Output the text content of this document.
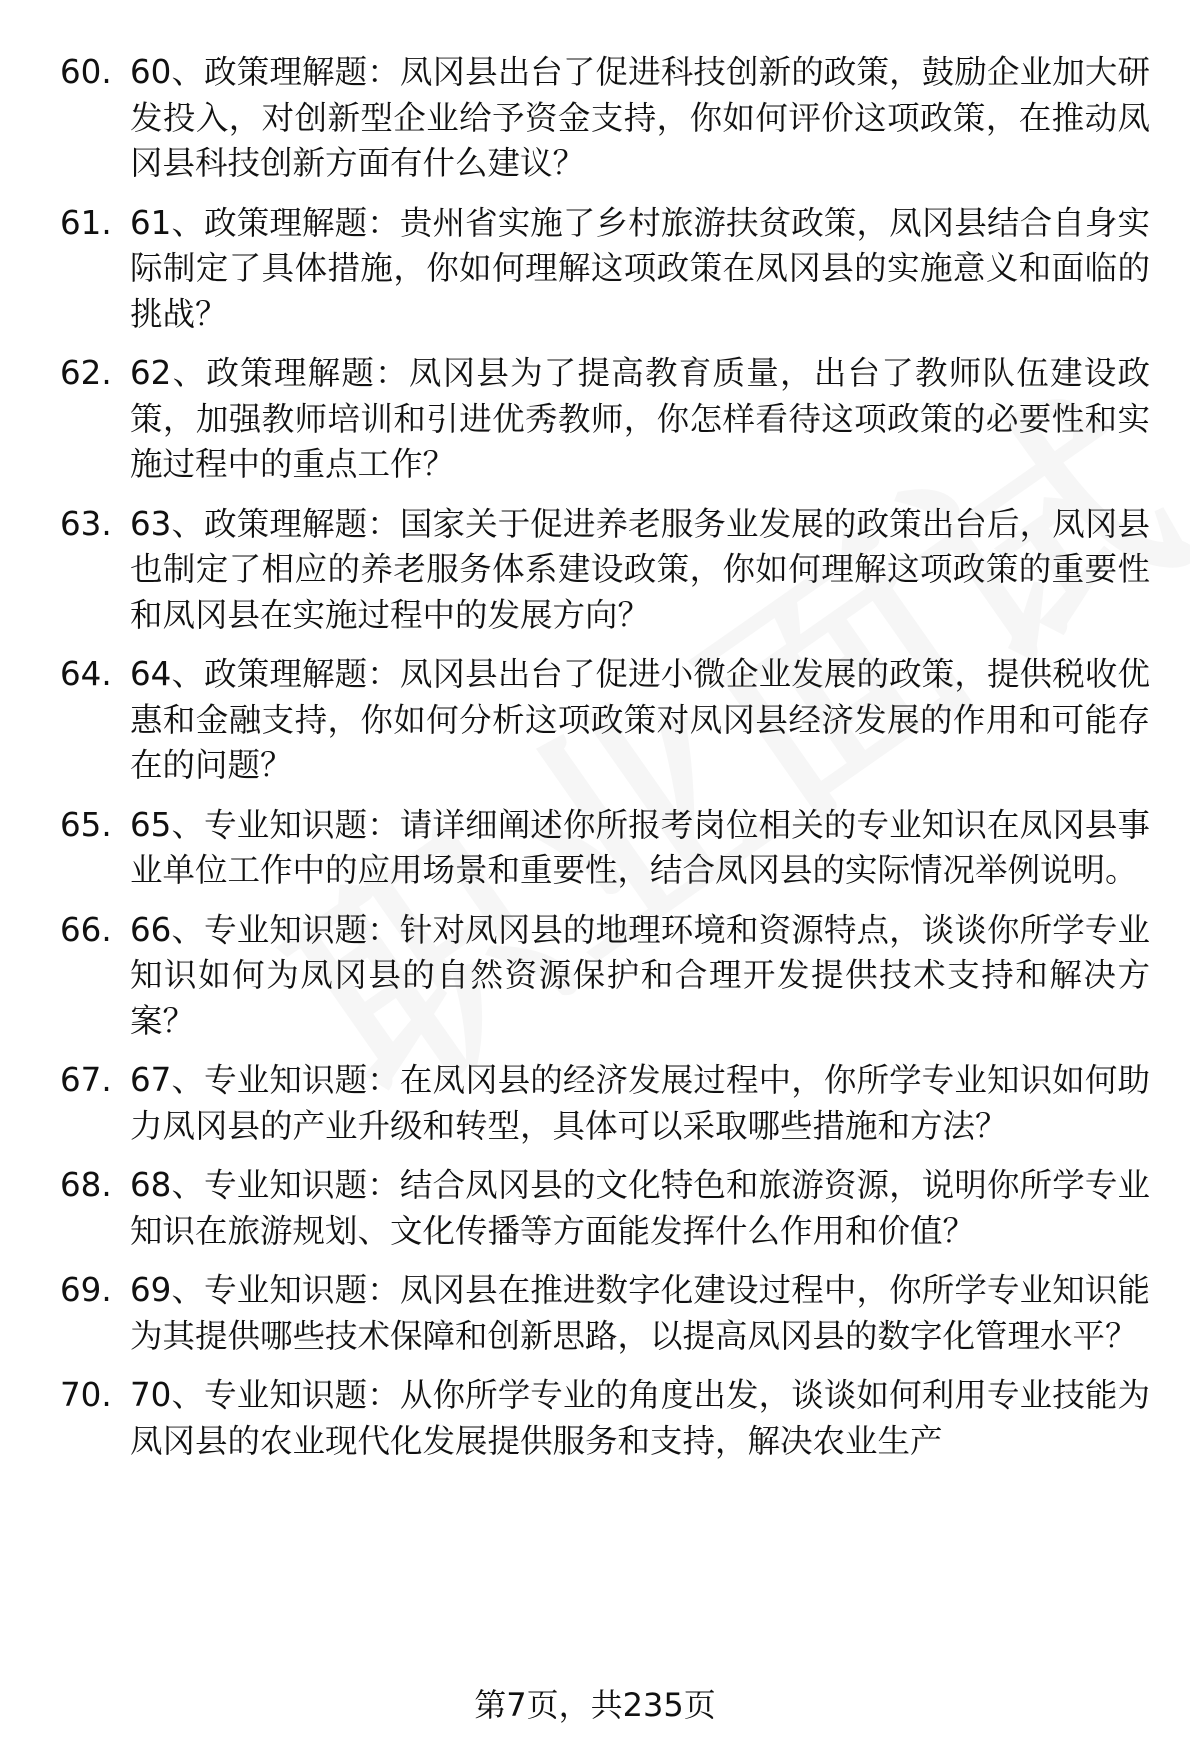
60. 60、政策理解题：凤冈县出台了促进科技创新的政策，鼓励企业加大研发投入，对创新型企业给予资金支持，你如何评价这项政策，在推动凤冈县科技创新方面有什么建议？
61. 61、政策理解题：贵州省实施了乡村旅游扶贫政策，凤冈县结合自身实际制定了具体措施，你如何理解这项政策在凤冈县的实施意义和面临的挑战？
62. 62、政策理解题：凤冈县为了提高教育质量，出台了教师队伍建设政策，加强教师培训和引进优秀教师，你怎样看待这项政策的必要性和实施过程中的重点工作？
63. 63、政策理解题：国家关于促进养老服务业发展的政策出台后，凤冈县也制定了相应的养老服务体系建设政策，你如何理解这项政策的重要性和凤冈县在实施过程中的发展方向？
64. 64、政策理解题：凤冈县出台了促进小微企业发展的政策，提供税收优惠和金融支持，你如何分析这项政策对凤冈县经济发展的作用和可能存在的问题？
65. 65、专业知识题：请详细阐述你所报考岗位相关的专业知识在凤冈县事业单位工作中的应用场景和重要性，结合凤冈县的实际情况举例说明。
66. 66、专业知识题：针对凤冈县的地理环境和资源特点，谈谈你所学专业知识如何为凤冈县的自然资源保护和合理开发提供技术支持和解决方案？
67. 67、专业知识题：在凤冈县的经济发展过程中，你所学专业知识如何助力凤冈县的产业升级和转型，具体可以采取哪些措施和方法？
68. 68、专业知识题：结合凤冈县的文化特色和旅游资源，说明你所学专业知识在旅游规划、文化传播等方面能发挥什么作用和价值？
69. 69、专业知识题：凤冈县在推进数字化建设过程中，你所学专业知识能为其提供哪些技术保障和创新思路，以提高凤冈县的数字化管理水平？
70. 70、专业知识题：从你所学专业的角度出发，谈谈如何利用专业技能为凤冈县的农业现代化发展提供服务和支持，解决农业生产
第7页，共235页
